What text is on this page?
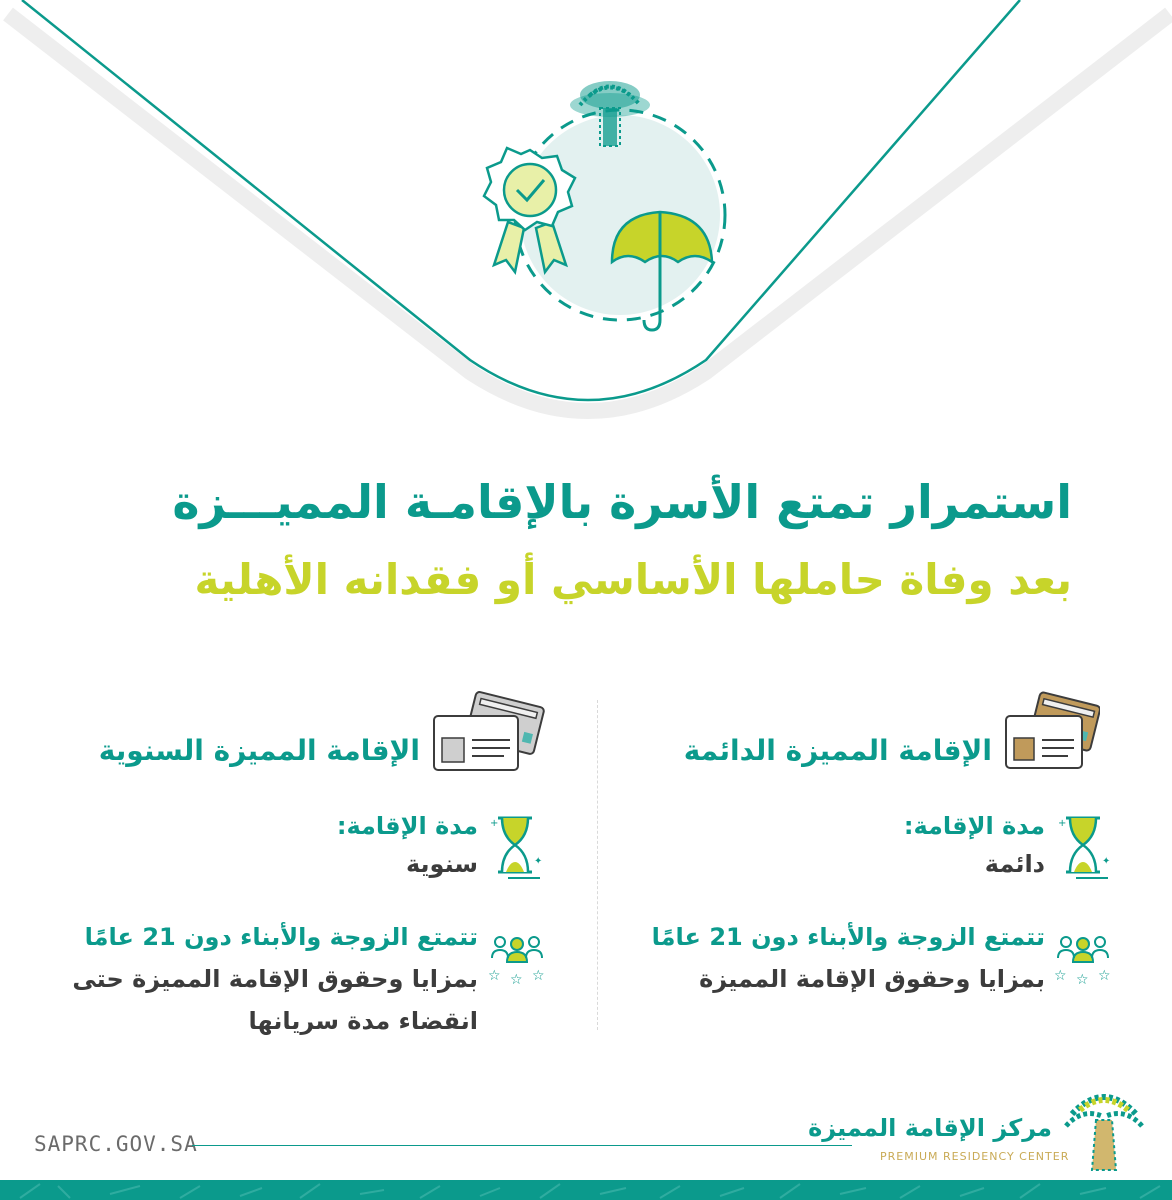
استمرار تمتع الأسرة بالإقامـة المميـــزة
بعد وفاة حاملها الأساسي أو فقدانه الأهلية
الإقامة المميزة الدائمة
+
✦
مدة الإقامة:
دائمة
☆ ☆ ☆
تتمتع الزوجة والأبناء دون 21 عامًا
بمزايا وحقوق الإقامة المميزة
الإقامة المميزة السنوية
+
✦
مدة الإقامة:
سنوية
☆ ☆ ☆
تتمتع الزوجة والأبناء دون 21 عامًا
بمزايا وحقوق الإقامة المميزة حتى
انقضاء مدة سريانها
SAPRC.GOV.SA
مركز الإقامة المميزة
PREMIUM RESIDENCY CENTER
